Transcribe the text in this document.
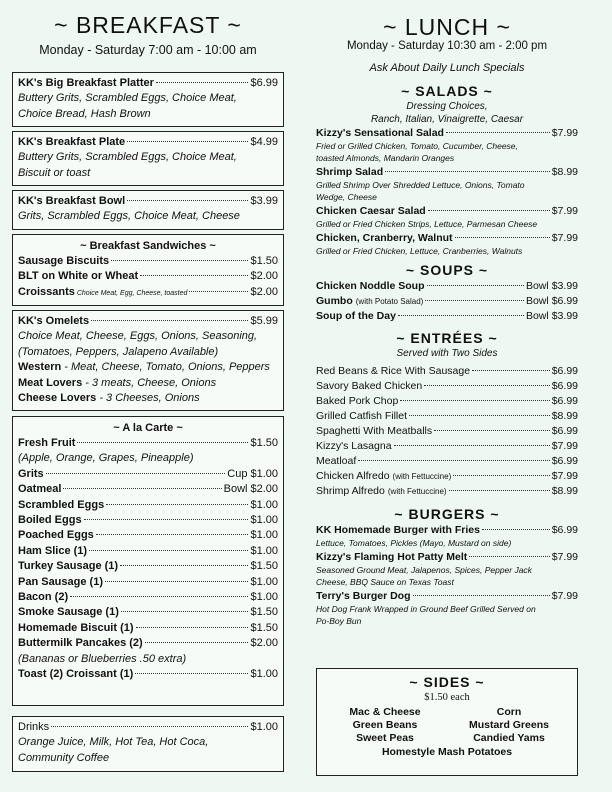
~ BREAKFAST ~
Monday - Saturday 7:00 am - 10:00 am
KK's Big Breakfast Platter	$6.99
Buttery Grits, Scrambled Eggs, Choice Meat,
Choice Bread, Hash Brown
KK's Breakfast Plate	$4.99
Buttery Grits, Scrambled Eggs, Choice Meat,
Biscuit or toast
KK's Breakfast Bowl	$3.99
Grits, Scrambled Eggs, Choice Meat, Cheese
~ Breakfast Sandwiches ~
Sausage Biscuits	$1.50
BLT on White or Wheat	$2.00
Croissants Choice Meat, Egg, Cheese, toasted	$2.00
KK's Omelets	$5.99
Choice Meat, Cheese, Eggs, Onions, Seasoning,
(Tomatoes, Peppers, Jalapeno Available)
Western - Meat, Cheese, Tomato, Onions, Peppers
Meat Lovers - 3 meats, Cheese, Onions
Cheese Lovers - 3 Cheeses, Onions
~ A la Carte ~
Fresh Fruit	$1.50
(Apple, Orange, Grapes, Pineapple)
Grits	Cup $1.00
Oatmeal	Bowl $2.00
Scrambled Eggs	$1.00
Boiled Eggs	$1.00
Poached Eggs	$1.00
Ham Slice (1)	$1.00
Turkey Sausage (1)	$1.50
Pan Sausage (1)	$1.00
Bacon (2)	$1.00
Smoke Sausage (1)	$1.50
Homemade Biscuit (1)	$1.50
Buttermilk Pancakes (2)	$2.00
(Bananas or Blueberries .50 extra)
Toast (2) Croissant (1)	$1.00
Drinks	$1.00
Orange Juice, Milk, Hot Tea, Hot Coca,
Community Coffee
~ LUNCH ~
Monday - Saturday 10:30 am - 2:00 pm
Ask About Daily Lunch Specials
~ SALADS ~
Dressing Choices,
Ranch, Italian, Vinaigrette, Caesar
Kizzy's Sensational Salad	$7.99
Fried or Grilled Chicken, Tomato, Cucumber, Cheese,
toasted Almonds, Mandarin Oranges
Shrimp Salad	$8.99
Grilled Shrimp Over Shredded Lettuce, Onions, Tomato
Wedge, Cheese
Chicken Caesar Salad	$7.99
Grilled or Fried Chicken Strips, Lettuce, Parmesan Cheese
Chicken, Cranberry, Walnut	$7.99
Grilled or Fried Chicken, Lettuce, Cranberries, Walnuts
~ SOUPS ~
Chicken Noddle Soup	Bowl $3.99
Gumbo (with Potato Salad)	Bowl $6.99
Soup of the Day	Bowl $3.99
~ ENTRÉES ~
Served with Two Sides
Red Beans & Rice With Sausage	$6.99
Savory Baked Chicken	$6.99
Baked Pork Chop	$6.99
Grilled Catfish Fillet	$8.99
Spaghetti With Meatballs	$6.99
Kizzy's Lasagna	$7.99
Meatloaf	$6.99
Chicken Alfredo (with Fettuccine)	$7.99
Shrimp Alfredo (with Fettuccine)	$8.99
~ BURGERS ~
KK Homemade Burger with Fries	$6.99
Lettuce, Tomatoes, Pickles (Mayo, Mustard on side)
Kizzy's Flaming Hot Patty Melt	$7.99
Seasoned Ground Meat, Jalapenos, Spices, Pepper Jack
Cheese, BBQ Sauce on Texas Toast
Terry's Burger Dog	$7.99
Hot Dog Frank Wrapped in Ground Beef Grilled Served on
Po-Boy Bun
~ SIDES ~
$1.50 each
Mac & Cheese	Corn
Green Beans	Mustard Greens
Sweet Peas	Candied Yams
Homestyle Mash Potatoes
